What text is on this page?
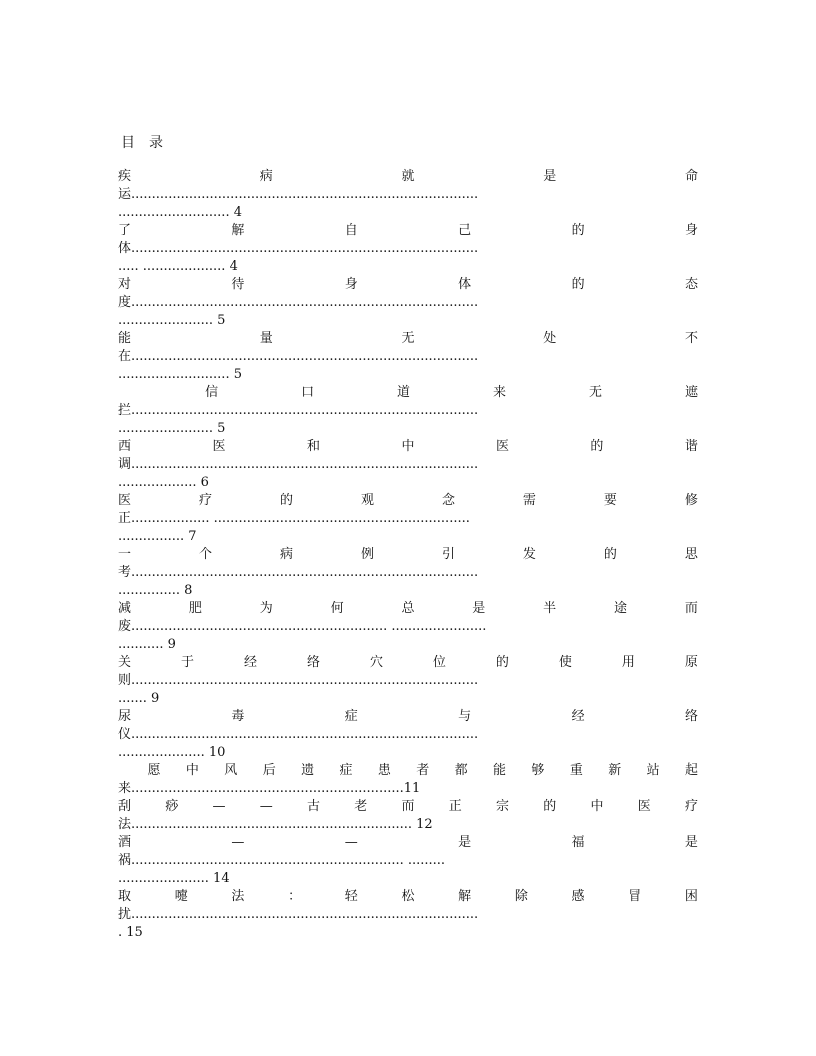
目 录
疾	病	就	是	命
运....................................................................................
........................... 4
了	解	自	己	的	身
体....................................................................................
..... .................... 4
对	待	身	体	的	态
度....................................................................................
....................... 5
能	量	无	处	不
在....................................................................................
........................... 5

信	口	道	来	无	遮
拦....................................................................................
....................... 5
西	医	和	中	医	的	谐
调....................................................................................
................... 6
医	疗	的	观	念	需	要	修
正................... ..............................................................
................ 7
一	个	病	例	引	发	的	思
考....................................................................................
............... 8
减	肥	为	何	总	是	半	途	而
废.............................................................. .......................
........... 9
关	于	经	络	穴	位	的	使	用	原
则....................................................................................
....... 9
尿	毒	症	与	经	络
仪....................................................................................
..................... 10

愿 中 风 后 遗 症 患 者 都 能 够 重 新 站 起
来..................................................................11
刮	痧	—	—	古	老	而	正	宗	的	中	医	疗
法.................................................................... 12
酒	—	—	是	福	是
祸.................................................................. .........
...................... 14
取	嚏	法	：	轻	松	解	除	感	冒	困
扰....................................................................................
. 15
